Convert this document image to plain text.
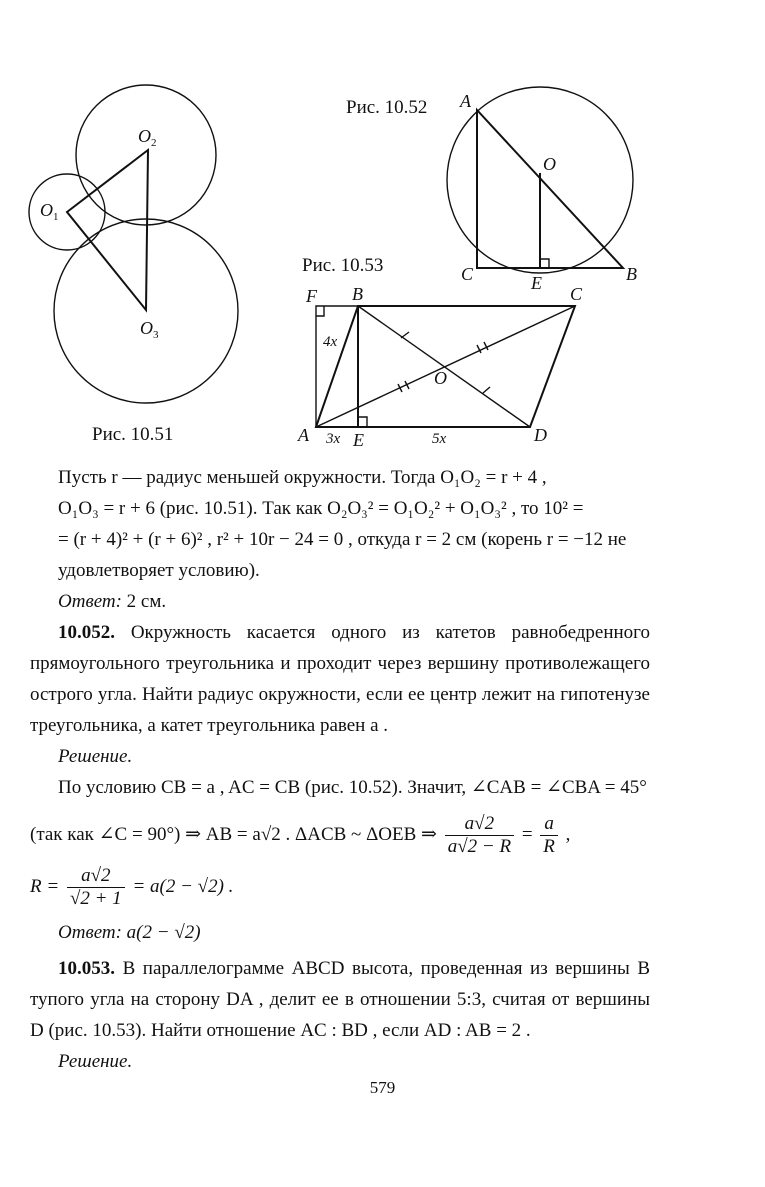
$O_2$
$O_1$
$O_3$
Рис. 10.51
Рис. 10.52 A
O
C	E	B
Рис. 10.53
F B	C
A E	D
O
4x
3x	5x

Пусть r — радиус меньшей окружности. Тогда O₁O₂ = r + 4 ,
O₁O₃ = r + 6 (рис. 10.51). Так как O₂O₃² = O₁O₂² + O₁O₃² , то 10² =
= (r + 4)² + (r + 6)² , r² + 10r − 24 = 0 , откуда r = 2 см (корень r = −12 не
удовлетворяет условию).

Ответ: 2 см.

10.052. Окружность касается одного из катетов равнобедренного прямоугольного треугольника и проходит через вершину противолежащего острого угла. Найти радиус окружности, если ее центр лежит на гипотенузе треугольника, а катет треугольника равен a .

Решение.

По условию CB = a , AC = CB (рис. 10.52). Значит, ∠CAB = ∠CBA = 45°

(так как ∠C = 90°) ⇒ AB = a√2 . ΔACB ~ ΔOEB ⇒ $\frac{a√2}{a√2 - R} = \frac{a}{R}$ ,

$R = \frac{a√2}{√2 + 1} = a(2 - √2)$ .

Ответ: a(2 − √2)

10.053. В параллелограмме ABCD высота, проведенная из вершины B тупого угла на сторону DA , делит ее в отношении 5:3, считая от вершины D (рис. 10.53). Найти отношение AC : BD , если AD : AB = 2 .

Решение.

579
